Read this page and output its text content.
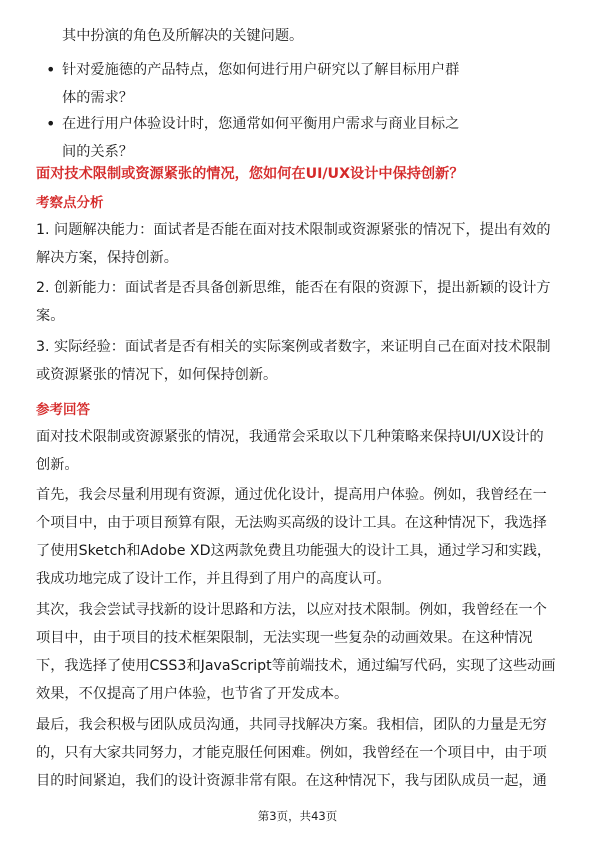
其中扮演的角色及所解决的关键问题。
• 针对爱施德的产品特点，您如何进行用户研究以了解目标用户群
体的需求？
• 在进行用户体验设计时，您通常如何平衡用户需求与商业目标之
间的关系？
面对技术限制或资源紧张的情况，您如何在UI/UX设计中保持创新？
考察点分析
1. 问题解决能力：面试者是否能在面对技术限制或资源紧张的情况下，提出有效的
解决方案，保持创新。
2. 创新能力：面试者是否具备创新思维，能否在有限的资源下，提出新颖的设计方
案。
3. 实际经验：面试者是否有相关的实际案例或者数字，来证明自己在面对技术限制
或资源紧张的情况下，如何保持创新。
参考回答
面对技术限制或资源紧张的情况，我通常会采取以下几种策略来保持UI/UX设计的
创新。
首先，我会尽量利用现有资源，通过优化设计，提高用户体验。例如，我曾经在一
个项目中，由于项目预算有限，无法购买高级的设计工具。在这种情况下，我选择
了使用Sketch和Adobe XD这两款免费且功能强大的设计工具，通过学习和实践，
我成功地完成了设计工作，并且得到了用户的高度认可。
其次，我会尝试寻找新的设计思路和方法，以应对技术限制。例如，我曾经在一个
项目中，由于项目的技术框架限制，无法实现一些复杂的动画效果。在这种情况
下，我选择了使用CSS3和JavaScript等前端技术，通过编写代码，实现了这些动画
效果，不仅提高了用户体验，也节省了开发成本。
最后，我会积极与团队成员沟通，共同寻找解决方案。我相信，团队的力量是无穷
的，只有大家共同努力，才能克服任何困难。例如，我曾经在一个项目中，由于项
目的时间紧迫，我们的设计资源非常有限。在这种情况下，我与团队成员一起，通
第3页，共43页
